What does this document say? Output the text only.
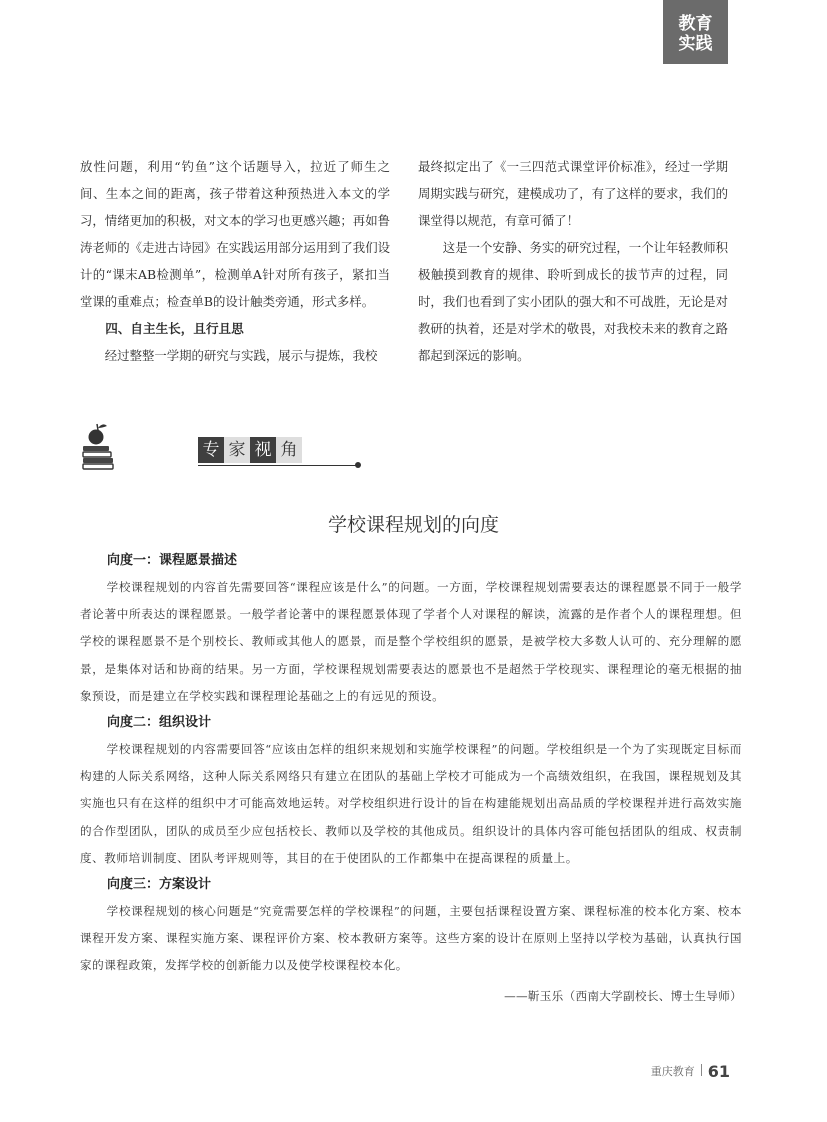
教育
实践

放性问题，利用“钓鱼”这个话题导入，拉近了师生之间、生本之间的距离，孩子带着这种预热进入本文的学习，情绪更加的积极，对文本的学习也更感兴趣；再如鲁涛老师的《走进古诗园》在实践运用部分运用到了我们设计的“课末AB检测单”，检测单A针对所有孩子，紧扣当堂课的重难点；检查单B的设计触类旁通，形式多样。

四、自主生长，且行且思

经过整整一学期的研究与实践，展示与提炼，我校

最终拟定出了《一三四范式课堂评价标准》，经过一学期周期实践与研究，建模成功了，有了这样的要求，我们的课堂得以规范，有章可循了！

这是一个安静、务实的研究过程，一个让年轻教师积极触摸到教育的规律、聆听到成长的拔节声的过程，同时，我们也看到了实小团队的强大和不可战胜，无论是对教研的执着，还是对学术的敬畏，对我校未来的教育之路都起到深远的影响。

专 家 视 角
学校课程规划的向度
向度一：课程愿景描述

学校课程规划的内容首先需要回答“课程应该是什么”的问题。一方面，学校课程规划需要表达的课程愿景不同于一般学者论著中所表达的课程愿景。一般学者论著中的课程愿景体现了学者个人对课程的解读，流露的是作者个人的课程理想。但学校的课程愿景不是个别校长、教师或其他人的愿景，而是整个学校组织的愿景，是被学校大多数人认可的、充分理解的愿景，是集体对话和协商的结果。另一方面，学校课程规划需要表达的愿景也不是超然于学校现实、课程理论的毫无根据的抽象预设，而是建立在学校实践和课程理论基础之上的有远见的预设。

向度二：组织设计

学校课程规划的内容需要回答“应该由怎样的组织来规划和实施学校课程”的问题。学校组织是一个为了实现既定目标而构建的人际关系网络，这种人际关系网络只有建立在团队的基础上学校才可能成为一个高绩效组织，在我国，课程规划及其实施也只有在这样的组织中才可能高效地运转。对学校组织进行设计的旨在构建能规划出高品质的学校课程并进行高效实施的合作型团队，团队的成员至少应包括校长、教师以及学校的其他成员。组织设计的具体内容可能包括团队的组成、权责制度、教师培训制度、团队考评规则等，其目的在于使团队的工作都集中在提高课程的质量上。

向度三：方案设计

学校课程规划的核心问题是“究竟需要怎样的学校课程”的问题，主要包括课程设置方案、课程标准的校本化方案、校本课程开发方案、课程实施方案、课程评价方案、校本教研方案等。这些方案的设计在原则上坚持以学校为基础，认真执行国家的课程政策，发挥学校的创新能力以及使学校课程校本化。

——靳玉乐（西南大学副校长、博士生导师）

重庆教育 61
